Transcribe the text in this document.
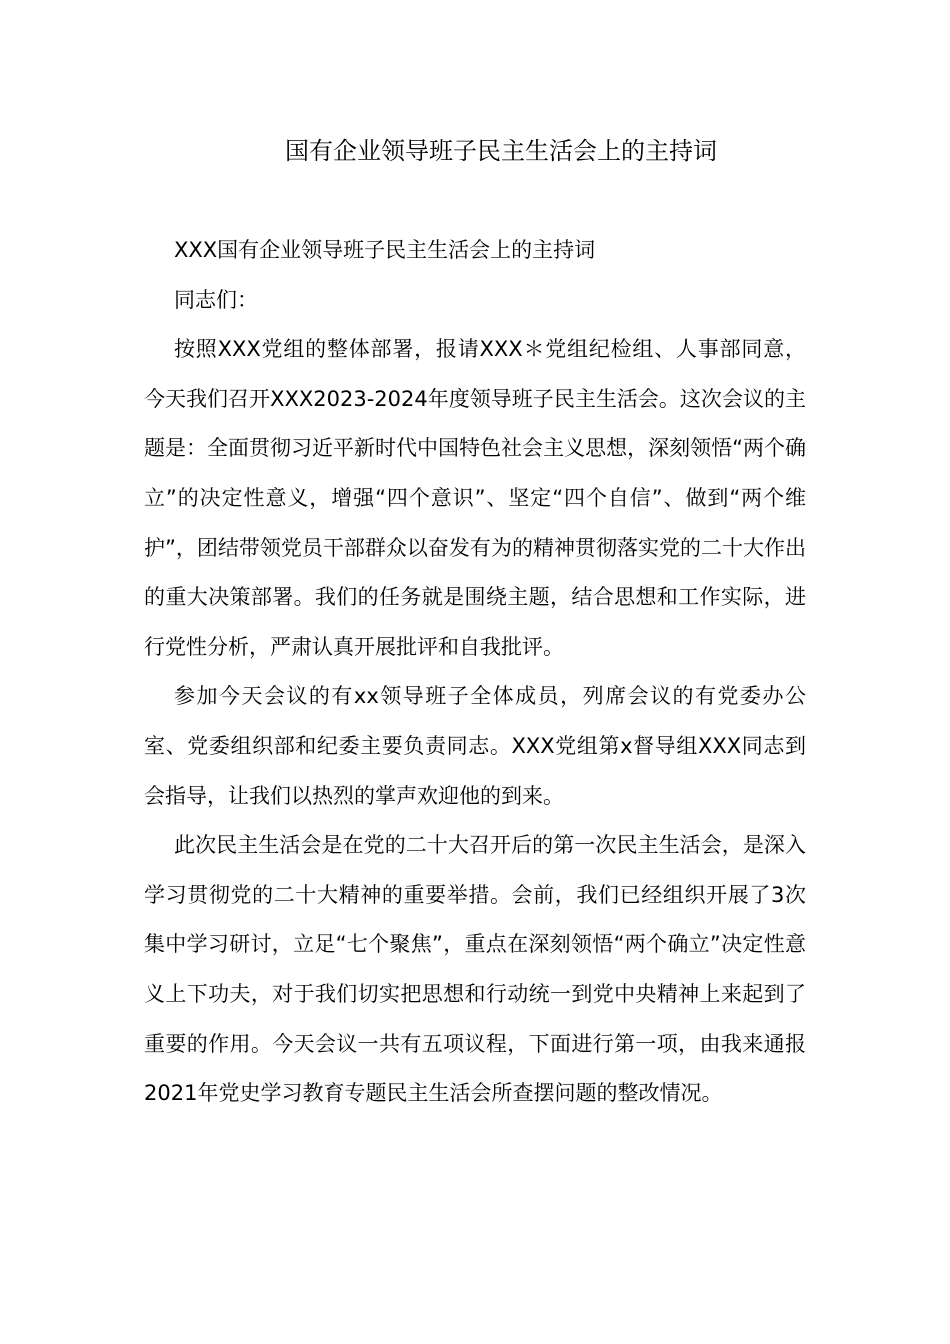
国有企业领导班子民主生活会上的主持词

XXX国有企业领导班子民主生活会上的主持词

同志们：

按照XXX党组的整体部署，报请XXX＊党组纪检组、人事部同意，今天我们召开XXX2023-2024年度领导班子民主生活会。这次会议的主题是：全面贯彻习近平新时代中国特色社会主义思想，深刻领悟“两个确立”的决定性意义，增强“四个意识”、坚定“四个自信”、做到“两个维护”，团结带领党员干部群众以奋发有为的精神贯彻落实党的二十大作出的重大决策部署。我们的任务就是围绕主题，结合思想和工作实际，进行党性分析，严肃认真开展批评和自我批评。

参加今天会议的有xx领导班子全体成员，列席会议的有党委办公室、党委组织部和纪委主要负责同志。XXX党组第x督导组XXX同志到会指导，让我们以热烈的掌声欢迎他的到来。

此次民主生活会是在党的二十大召开后的第一次民主生活会，是深入学习贯彻党的二十大精神的重要举措。会前，我们已经组织开展了3次集中学习研讨，立足“七个聚焦”，重点在深刻领悟“两个确立”决定性意义上下功夫，对于我们切实把思想和行动统一到党中央精神上来起到了重要的作用。今天会议一共有五项议程，下面进行第一项，由我来通报2021年党史学习教育专题民主生活会所查摆问题的整改情况。
